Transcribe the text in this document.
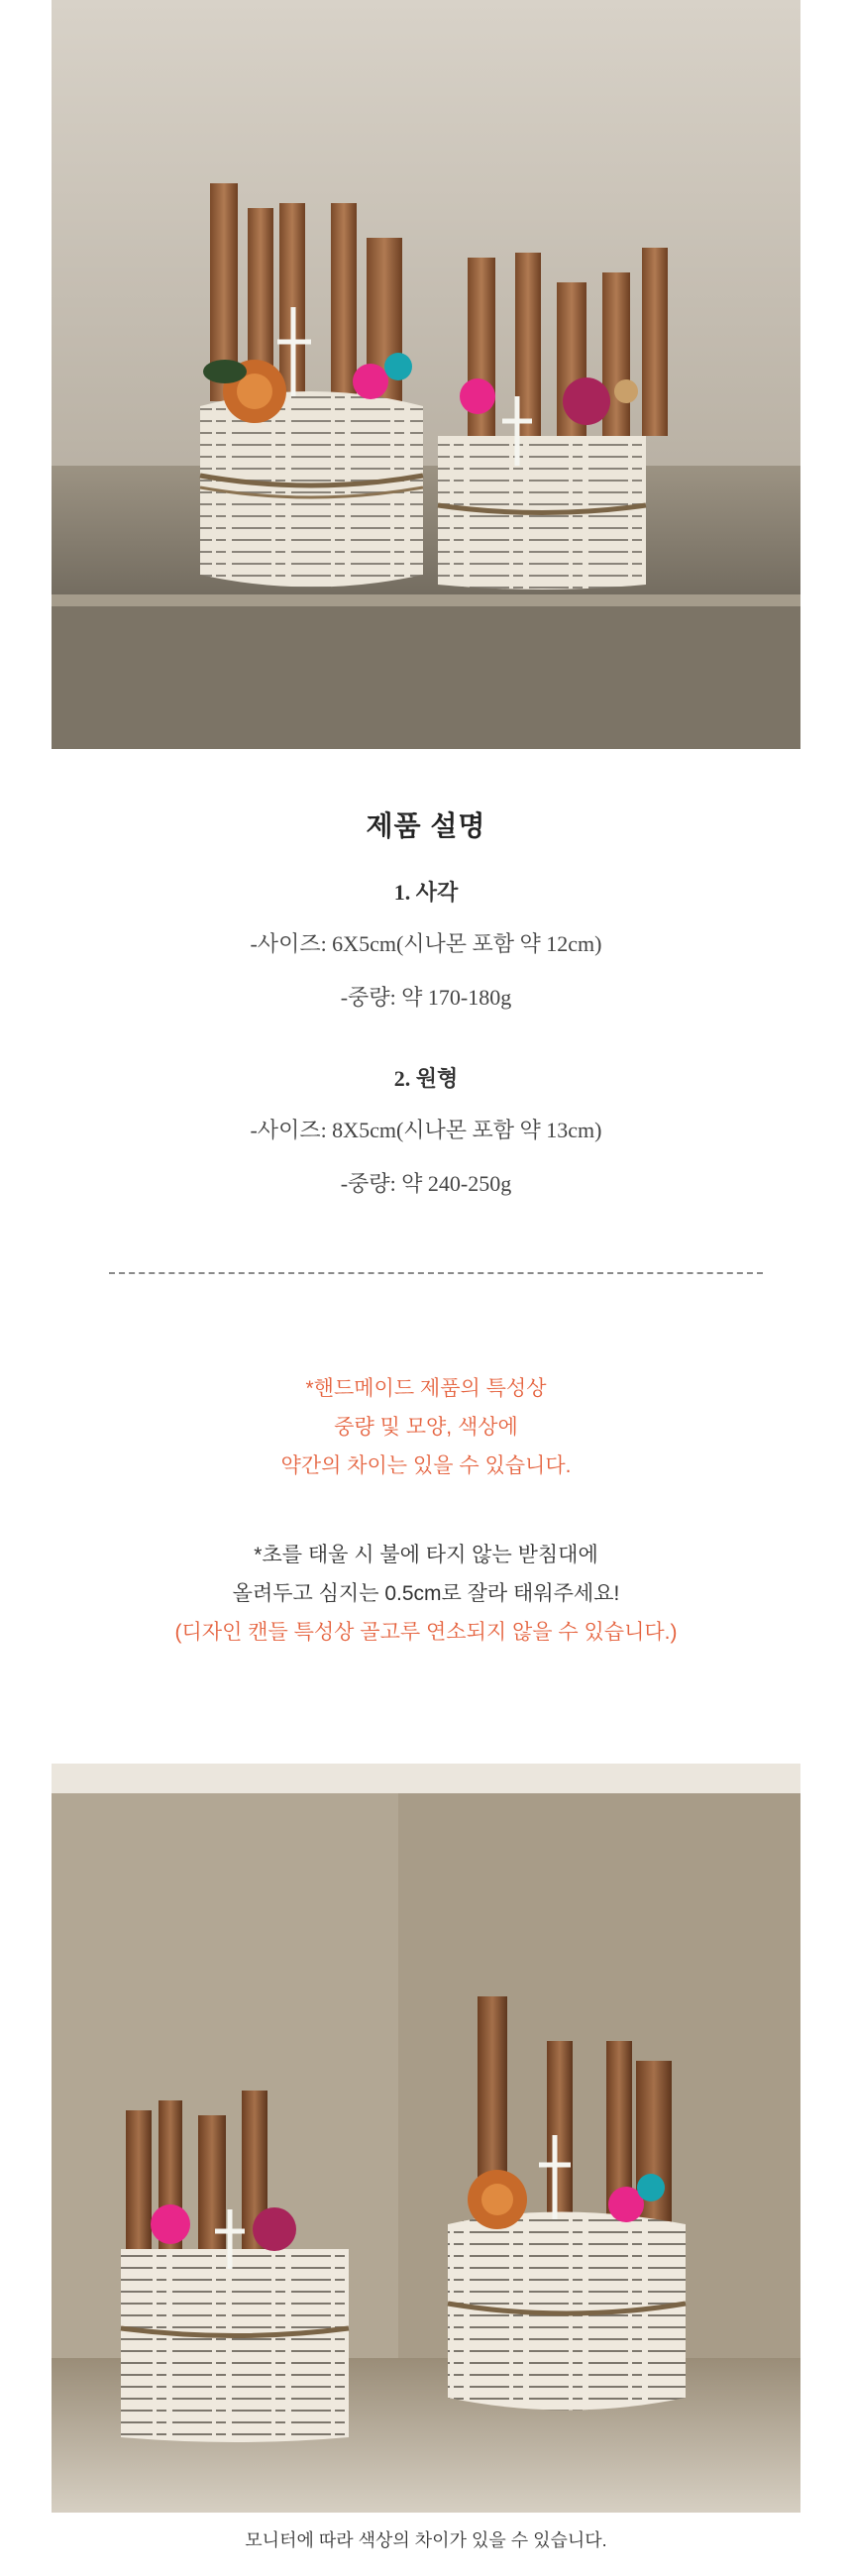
제품 설명
1. 사각
-사이즈: 6X5cm(시나몬 포함 약 12cm)
-중량: 약 170-180g
2. 원형
-사이즈: 8X5cm(시나몬 포함 약 13cm)
-중량: 약 240-250g
*핸드메이드 제품의 특성상
중량 및 모양, 색상에
약간의 차이는 있을 수 있습니다.
*초를 태울 시 불에 타지 않는 받침대에
올려두고 심지는 0.5cm로 잘라 태워주세요!
(디자인 캔들 특성상 골고루 연소되지 않을 수 있습니다.)
모니터에 따라 색상의 차이가 있을 수 있습니다.
